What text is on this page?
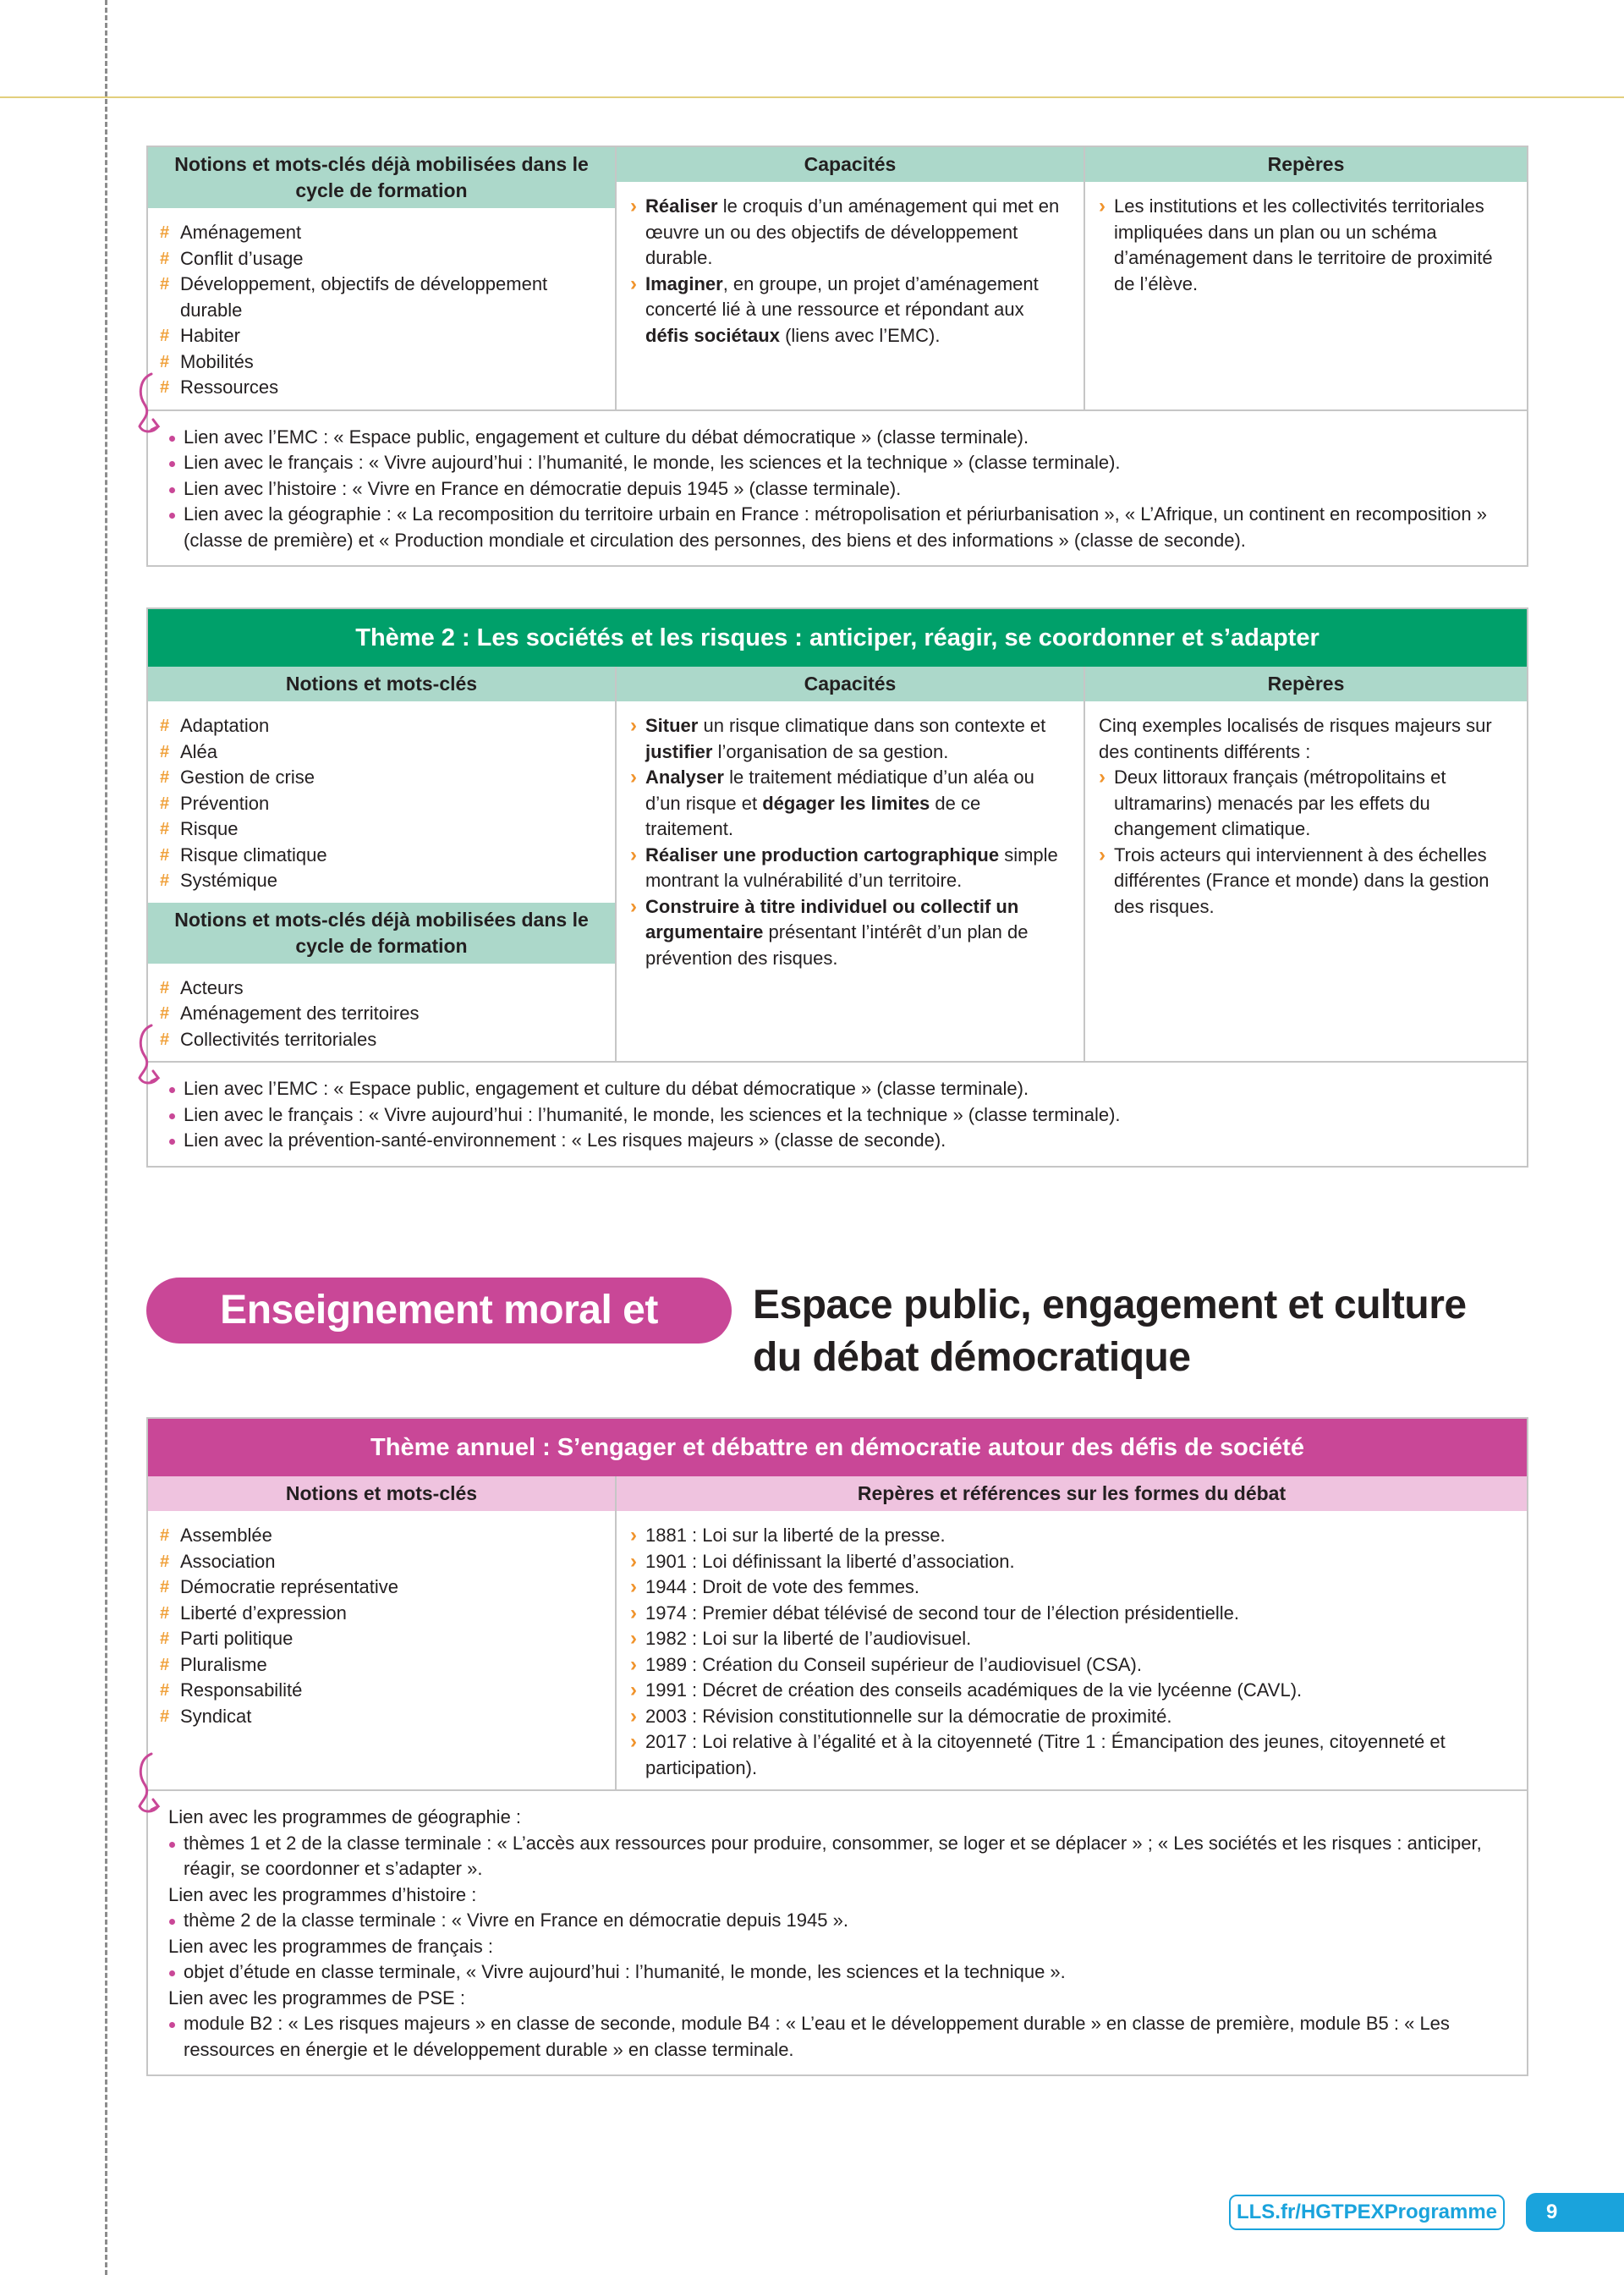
Notions et mots-clés déjà mobilisées dans le cycle de formation
# Aménagement
# Conflit d’usage
# Développement, objectifs de développement durable
# Habiter
# Mobilités
# Ressources
Capacités
› Réaliser le croquis d’un aménagement qui met en œuvre un ou des objectifs de développement durable.
› Imaginer, en groupe, un projet d’aménagement concerté lié à une ressource et répondant aux défis sociétaux (liens avec l’EMC).
Repères
› Les institutions et les collectivités territoriales impliquées dans un plan ou un schéma d’aménagement dans le territoire de proximité de l’élève.
Lien avec l’EMC : « Espace public, engagement et culture du débat démocratique » (classe terminale).
Lien avec le français : « Vivre aujourd’hui : l’humanité, le monde, les sciences et la technique » (classe terminale).
Lien avec l’histoire : « Vivre en France en démocratie depuis 1945 » (classe terminale).
Lien avec la géographie : « La recomposition du territoire urbain en France : métropolisation et périurbanisation », « L’Afrique, un continent en recomposition » (classe de première) et « Production mondiale et circulation des personnes, des biens et des informations » (classe de seconde).
Thème 2 : Les sociétés et les risques : anticiper, réagir, se coordonner et s’adapter
Notions et mots-clés
# Adaptation
# Aléa
# Gestion de crise
# Prévention
# Risque
# Risque climatique
# Systémique
Notions et mots-clés déjà mobilisées dans le cycle de formation
# Acteurs
# Aménagement des territoires
# Collectivités territoriales
Capacités
› Situer un risque climatique dans son contexte et justifier l’organisation de sa gestion.
› Analyser le traitement médiatique d’un aléa ou d’un risque et dégager les limites de ce traitement.
› Réaliser une production cartographique simple montrant la vulnérabilité d’un territoire.
› Construire à titre individuel ou collectif un argumentaire présentant l’intérêt d’un plan de prévention des risques.
Repères

Cinq exemples localisés de risques majeurs sur des continents différents :

› Deux littoraux français (métropolitains et ultramarins) menacés par les effets du changement climatique.
› Trois acteurs qui interviennent à des échelles différentes (France et monde) dans la gestion des risques.
Lien avec l’EMC : « Espace public, engagement et culture du débat démocratique » (classe terminale).
Lien avec le français : « Vivre aujourd’hui : l’humanité, le monde, les sciences et la technique » (classe terminale).
Lien avec la prévention-santé-environnement : « Les risques majeurs » (classe de seconde).
Enseignement moral et civique
Espace public, engagement et culture
du débat démocratique
Thème annuel : S’engager et débattre en démocratie autour des défis de société
Notions et mots-clés
# Assemblée
# Association
# Démocratie représentative
# Liberté d’expression
# Parti politique
# Pluralisme
# Responsabilité
# Syndicat
Repères et références sur les formes du débat
› 1881 : Loi sur la liberté de la presse.
› 1901 : Loi définissant la liberté d’association.
› 1944 : Droit de vote des femmes.
› 1974 : Premier débat télévisé de second tour de l’élection présidentielle.
› 1982 : Loi sur la liberté de l’audiovisuel.
› 1989 : Création du Conseil supérieur de l’audiovisuel (CSA).
› 1991 : Décret de création des conseils académiques de la vie lycéenne (CAVL).
› 2003 : Révision constitutionnelle sur la démocratie de proximité.
› 2017 : Loi relative à l’égalité et à la citoyenneté (Titre 1 : Émancipation des jeunes, citoyenneté et participation).

Lien avec les programmes de géographie :

thèmes 1 et 2 de la classe terminale : « L’accès aux ressources pour produire, consommer, se loger et se déplacer » ; « Les sociétés et les risques : anticiper, réagir, se coordonner et s’adapter ».

Lien avec les programmes d’histoire :

thème 2 de la classe terminale : « Vivre en France en démocratie depuis 1945 ».

Lien avec les programmes de français :

objet d’étude en classe terminale, « Vivre aujourd’hui : l’humanité, le monde, les sciences et la technique ».

Lien avec les programmes de PSE :

module B2 : « Les risques majeurs » en classe de seconde, module B4 : « L’eau et le développement durable » en classe de première, module B5 : « Les ressources en énergie et le développement durable » en classe terminale.
LLS.fr/HGTPEXProgramme	9
